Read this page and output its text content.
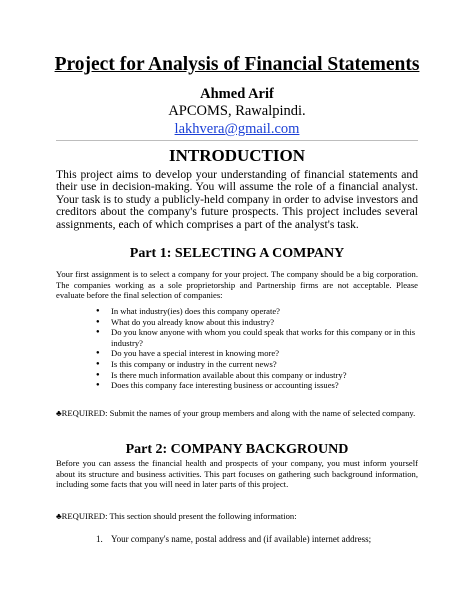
Project for Analysis of Financial Statements
Ahmed Arif
APCOMS, Rawalpindi.
lakhvera@gmail.com
INTRODUCTION

This project aims to develop your understanding of financial statements and their use in decision-making. You will assume the role of a financial analyst. Your task is to study a publicly-held company in order to advise investors and creditors about the company's future prospects. This project includes several assignments, each of which comprises a part of the analyst's task.

Part 1: SELECTING A COMPANY

Your first assignment is to select a company for your project. The company should be a big corporation. The companies working as a sole proprietorship and Partnership firms are not acceptable. Please evaluate before the final selection of companies:

● In what industry(ies) does this company operate?
● What do you already know about this industry?
● Do you know anyone with whom you could speak that works for this company or in this industry?
● Do you have a special interest in knowing more?
● Is this company or industry in the current news?
● Is there much information available about this company or industry?
● Does this company face interesting business or accounting issues?

♣REQUIRED: Submit the names of your group members and along with the name of selected company.

Part 2: COMPANY BACKGROUND

Before you can assess the financial health and prospects of your company, you must inform yourself about its structure and business activities. This part focuses on gathering such background information, including some facts that you will need in later parts of this project.

♣REQUIRED: This section should present the following information:

1. Your company's name, postal address and (if available) internet address;
